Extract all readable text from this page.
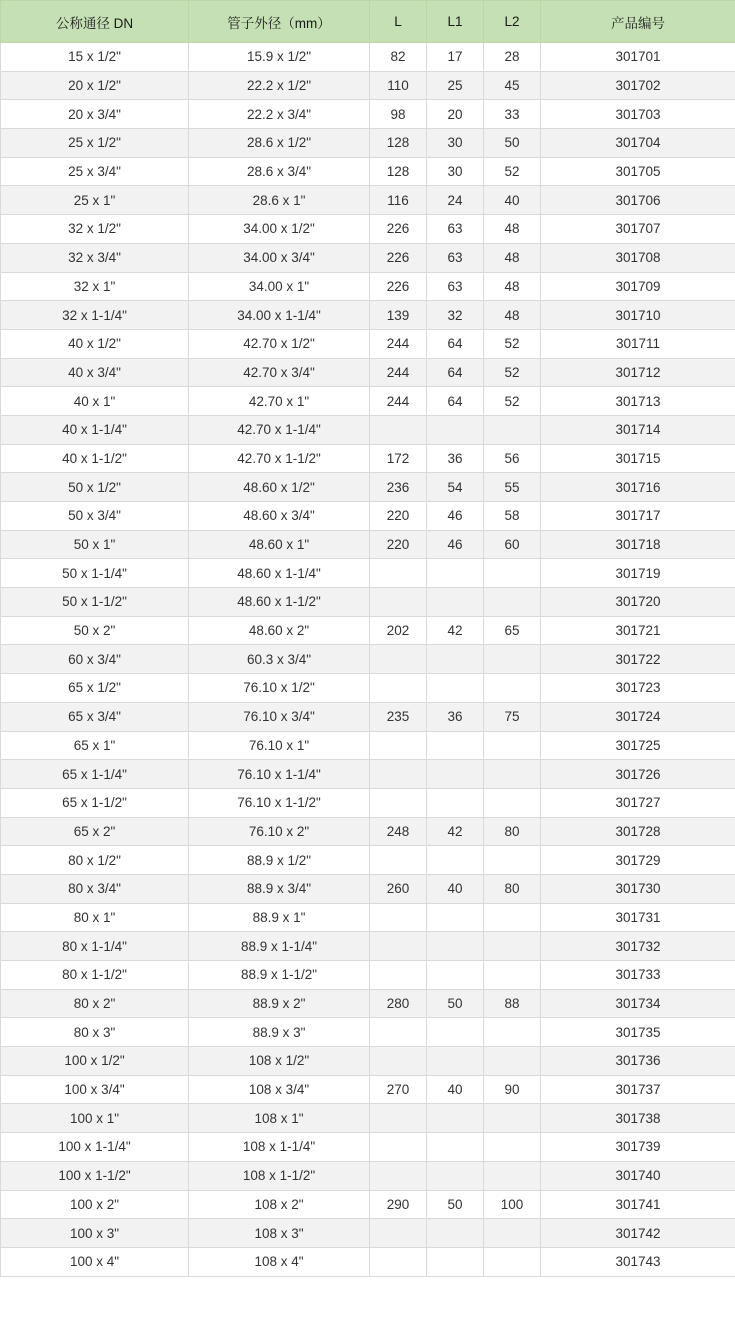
公称通径 DN	管子外径（mm）	L	L1	L2	产品编号
15 x 1/2"	15.9 x 1/2"	82	17	28	301701
20 x 1/2"	22.2 x 1/2"	110	25	45	301702
20 x 3/4"	22.2 x 3/4"	98	20	33	301703
25 x 1/2"	28.6 x 1/2"	128	30	50	301704
25 x 3/4"	28.6 x 3/4"	128	30	52	301705
25 x 1"	28.6 x 1"	116	24	40	301706
32 x 1/2"	34.00 x 1/2"	226	63	48	301707
32 x 3/4"	34.00 x 3/4"	226	63	48	301708
32 x 1"	34.00 x 1"	226	63	48	301709
32 x 1-1/4"	34.00 x 1-1/4"	139	32	48	301710
40 x 1/2"	42.70 x 1/2"	244	64	52	301711
40 x 3/4"	42.70 x 3/4"	244	64	52	301712
40 x 1"	42.70 x 1"	244	64	52	301713
40 x 1-1/4"	42.70 x 1-1/4"				301714
40 x 1-1/2"	42.70 x 1-1/2"	172	36	56	301715
50 x 1/2"	48.60 x 1/2"	236	54	55	301716
50 x 3/4"	48.60 x 3/4"	220	46	58	301717
50 x 1"	48.60 x 1"	220	46	60	301718
50 x 1-1/4"	48.60 x 1-1/4"				301719
50 x 1-1/2"	48.60 x 1-1/2"				301720
50 x 2"	48.60 x 2"	202	42	65	301721
60 x 3/4"	60.3 x 3/4"				301722
65 x 1/2"	76.10 x 1/2"				301723
65 x 3/4"	76.10 x 3/4"	235	36	75	301724
65 x 1"	76.10 x 1"				301725
65 x 1-1/4"	76.10 x 1-1/4"				301726
65 x 1-1/2"	76.10 x 1-1/2"				301727
65 x 2"	76.10 x 2"	248	42	80	301728
80 x 1/2"	88.9 x 1/2"				301729
80 x 3/4"	88.9 x 3/4"	260	40	80	301730
80 x 1"	88.9 x 1"				301731
80 x 1-1/4"	88.9 x 1-1/4"				301732
80 x 1-1/2"	88.9 x 1-1/2"				301733
80 x 2"	88.9 x 2"	280	50	88	301734
80 x 3"	88.9 x 3"				301735
100 x 1/2"	108 x 1/2"				301736
100 x 3/4"	108 x 3/4"	270	40	90	301737
100 x 1"	108 x 1"				301738
100 x 1-1/4"	108 x 1-1/4"				301739
100 x 1-1/2"	108 x 1-1/2"				301740
100 x 2"	108 x 2"	290	50	100	301741
100 x 3"	108 x 3"				301742
100 x 4"	108 x 4"				301743
